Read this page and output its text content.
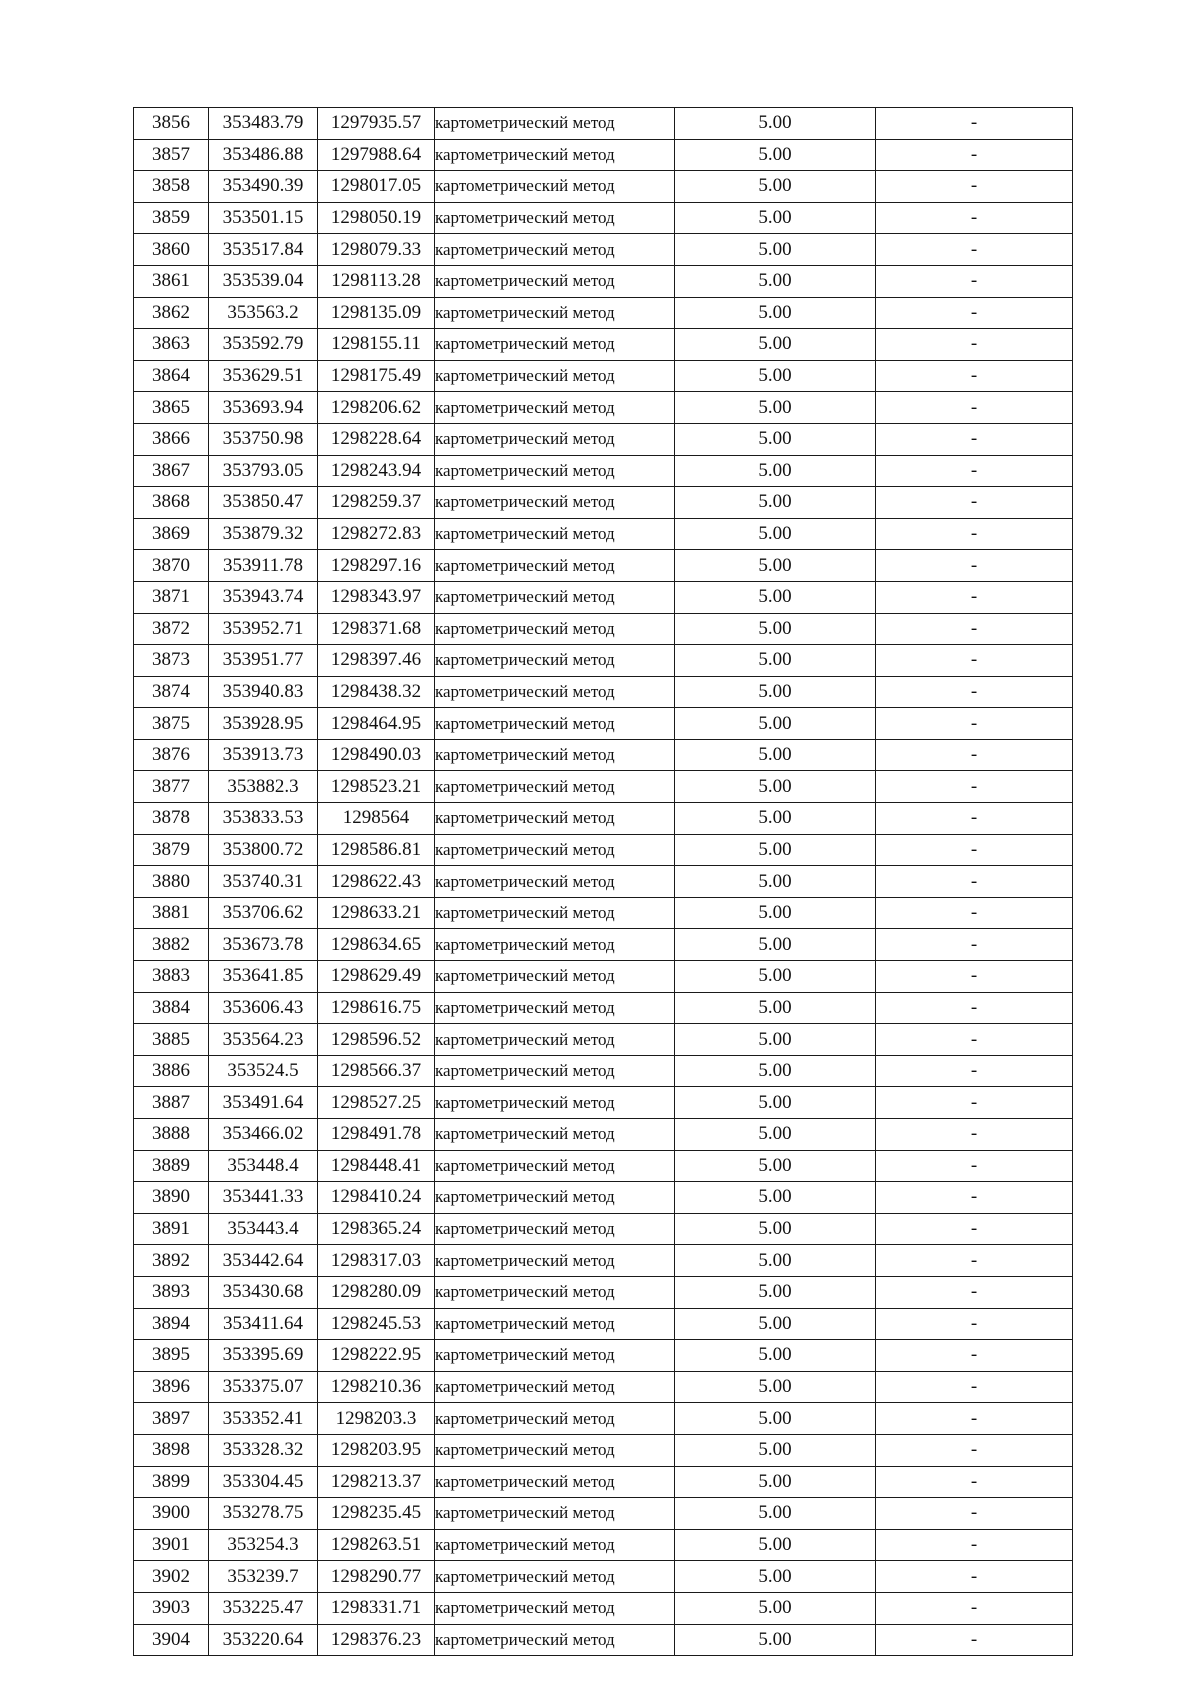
3856	353483.79	1297935.57	картометрический метод	5.00	-
3857	353486.88	1297988.64	картометрический метод	5.00	-
3858	353490.39	1298017.05	картометрический метод	5.00	-
3859	353501.15	1298050.19	картометрический метод	5.00	-
3860	353517.84	1298079.33	картометрический метод	5.00	-
3861	353539.04	1298113.28	картометрический метод	5.00	-
3862	353563.2	1298135.09	картометрический метод	5.00	-
3863	353592.79	1298155.11	картометрический метод	5.00	-
3864	353629.51	1298175.49	картометрический метод	5.00	-
3865	353693.94	1298206.62	картометрический метод	5.00	-
3866	353750.98	1298228.64	картометрический метод	5.00	-
3867	353793.05	1298243.94	картометрический метод	5.00	-
3868	353850.47	1298259.37	картометрический метод	5.00	-
3869	353879.32	1298272.83	картометрический метод	5.00	-
3870	353911.78	1298297.16	картометрический метод	5.00	-
3871	353943.74	1298343.97	картометрический метод	5.00	-
3872	353952.71	1298371.68	картометрический метод	5.00	-
3873	353951.77	1298397.46	картометрический метод	5.00	-
3874	353940.83	1298438.32	картометрический метод	5.00	-
3875	353928.95	1298464.95	картометрический метод	5.00	-
3876	353913.73	1298490.03	картометрический метод	5.00	-
3877	353882.3	1298523.21	картометрический метод	5.00	-
3878	353833.53	1298564	картометрический метод	5.00	-
3879	353800.72	1298586.81	картометрический метод	5.00	-
3880	353740.31	1298622.43	картометрический метод	5.00	-
3881	353706.62	1298633.21	картометрический метод	5.00	-
3882	353673.78	1298634.65	картометрический метод	5.00	-
3883	353641.85	1298629.49	картометрический метод	5.00	-
3884	353606.43	1298616.75	картометрический метод	5.00	-
3885	353564.23	1298596.52	картометрический метод	5.00	-
3886	353524.5	1298566.37	картометрический метод	5.00	-
3887	353491.64	1298527.25	картометрический метод	5.00	-
3888	353466.02	1298491.78	картометрический метод	5.00	-
3889	353448.4	1298448.41	картометрический метод	5.00	-
3890	353441.33	1298410.24	картометрический метод	5.00	-
3891	353443.4	1298365.24	картометрический метод	5.00	-
3892	353442.64	1298317.03	картометрический метод	5.00	-
3893	353430.68	1298280.09	картометрический метод	5.00	-
3894	353411.64	1298245.53	картометрический метод	5.00	-
3895	353395.69	1298222.95	картометрический метод	5.00	-
3896	353375.07	1298210.36	картометрический метод	5.00	-
3897	353352.41	1298203.3	картометрический метод	5.00	-
3898	353328.32	1298203.95	картометрический метод	5.00	-
3899	353304.45	1298213.37	картометрический метод	5.00	-
3900	353278.75	1298235.45	картометрический метод	5.00	-
3901	353254.3	1298263.51	картометрический метод	5.00	-
3902	353239.7	1298290.77	картометрический метод	5.00	-
3903	353225.47	1298331.71	картометрический метод	5.00	-
3904	353220.64	1298376.23	картометрический метод	5.00	-
